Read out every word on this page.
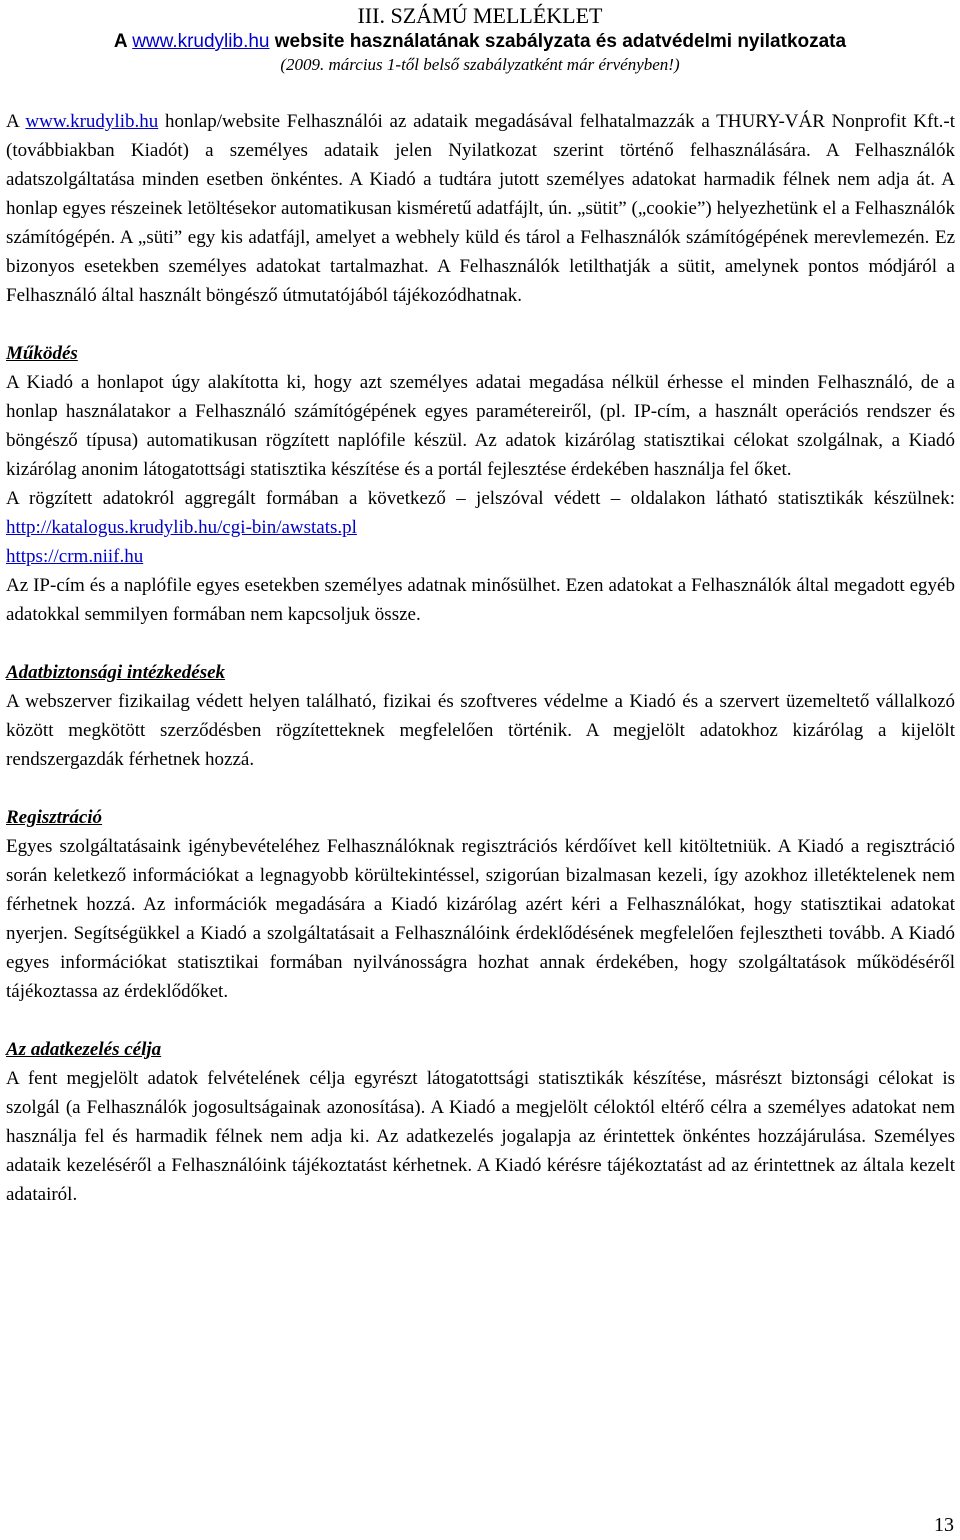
III. SZÁMÚ MELLÉKLET
A www.krudylib.hu website használatának szabályzata és adatvédelmi nyilatkozata
(2009. március 1-től belső szabályzatként már érvényben!)

A www.krudylib.hu honlap/website Felhasználói az adataik megadásával felhatalmazzák a THURY-VÁR Nonprofit Kft.-t (továbbiakban Kiadót) a személyes adataik jelen Nyilatkozat szerint történő felhasználására. A Felhasználók adatszolgáltatása minden esetben önkéntes. A Kiadó a tudtára jutott személyes adatokat harmadik félnek nem adja át. A honlap egyes részeinek letöltésekor automatikusan kisméretű adatfájlt, ún. „sütit” („cookie”) helyezhetünk el a Felhasználók számítógépén. A „süti” egy kis adatfájl, amelyet a webhely küld és tárol a Felhasználók számítógépének merevlemezén. Ez bizonyos esetekben személyes adatokat tartalmazhat. A Felhasználók letilthatják a sütit, amelynek pontos módjáról a Felhasználó által használt böngésző útmutatójából tájékozódhatnak.

Működés

A Kiadó a honlapot úgy alakította ki, hogy azt személyes adatai megadása nélkül érhesse el minden Felhasználó, de a honlap használatakor a Felhasználó számítógépének egyes paramétereiről, (pl. IP-cím, a használt operációs rendszer és böngésző típusa) automatikusan rögzített naplófile készül. Az adatok kizárólag statisztikai célokat szolgálnak, a Kiadó kizárólag anonim látogatottsági statisztika készítése és a portál fejlesztése érdekében használja fel őket.

A rögzített adatokról aggregált formában a következő – jelszóval védett – oldalakon látható statisztikák készülnek: http://katalogus.krudylib.hu/cgi-bin/awstats.pl
https://crm.niif.hu

Az IP-cím és a naplófile egyes esetekben személyes adatnak minősülhet. Ezen adatokat a Felhasználók által megadott egyéb adatokkal semmilyen formában nem kapcsoljuk össze.

Adatbiztonsági intézkedések

A webszerver fizikailag védett helyen található, fizikai és szoftveres védelme a Kiadó és a szervert üzemeltető vállalkozó között megkötött szerződésben rögzítetteknek megfelelően történik. A megjelölt adatokhoz kizárólag a kijelölt rendszergazdák férhetnek hozzá.

Regisztráció

Egyes szolgáltatásaink igénybevételéhez Felhasználóknak regisztrációs kérdőívet kell kitöltetniük. A Kiadó a regisztráció során keletkező információkat a legnagyobb körültekintéssel, szigorúan bizalmasan kezeli, így azokhoz illetéktelenek nem férhetnek hozzá. Az információk megadására a Kiadó kizárólag azért kéri a Felhasználókat, hogy statisztikai adatokat nyerjen. Segítségükkel a Kiadó a szolgáltatásait a Felhasználóink érdeklődésének megfelelően fejlesztheti tovább. A Kiadó egyes információkat statisztikai formában nyilvánosságra hozhat annak érdekében, hogy szolgáltatások működéséről tájékoztassa az érdeklődőket.

Az adatkezelés célja

A fent megjelölt adatok felvételének célja egyrészt látogatottsági statisztikák készítése, másrészt biztonsági célokat is szolgál (a Felhasználók jogosultságainak azonosítása). A Kiadó a megjelölt céloktól eltérő célra a személyes adatokat nem használja fel és harmadik félnek nem adja ki. Az adatkezelés jogalapja az érintettek önkéntes hozzájárulása. Személyes adataik kezeléséről a Felhasználóink tájékoztatást kérhetnek. A Kiadó kérésre tájékoztatást ad az érintettnek az általa kezelt adatairól.

13
